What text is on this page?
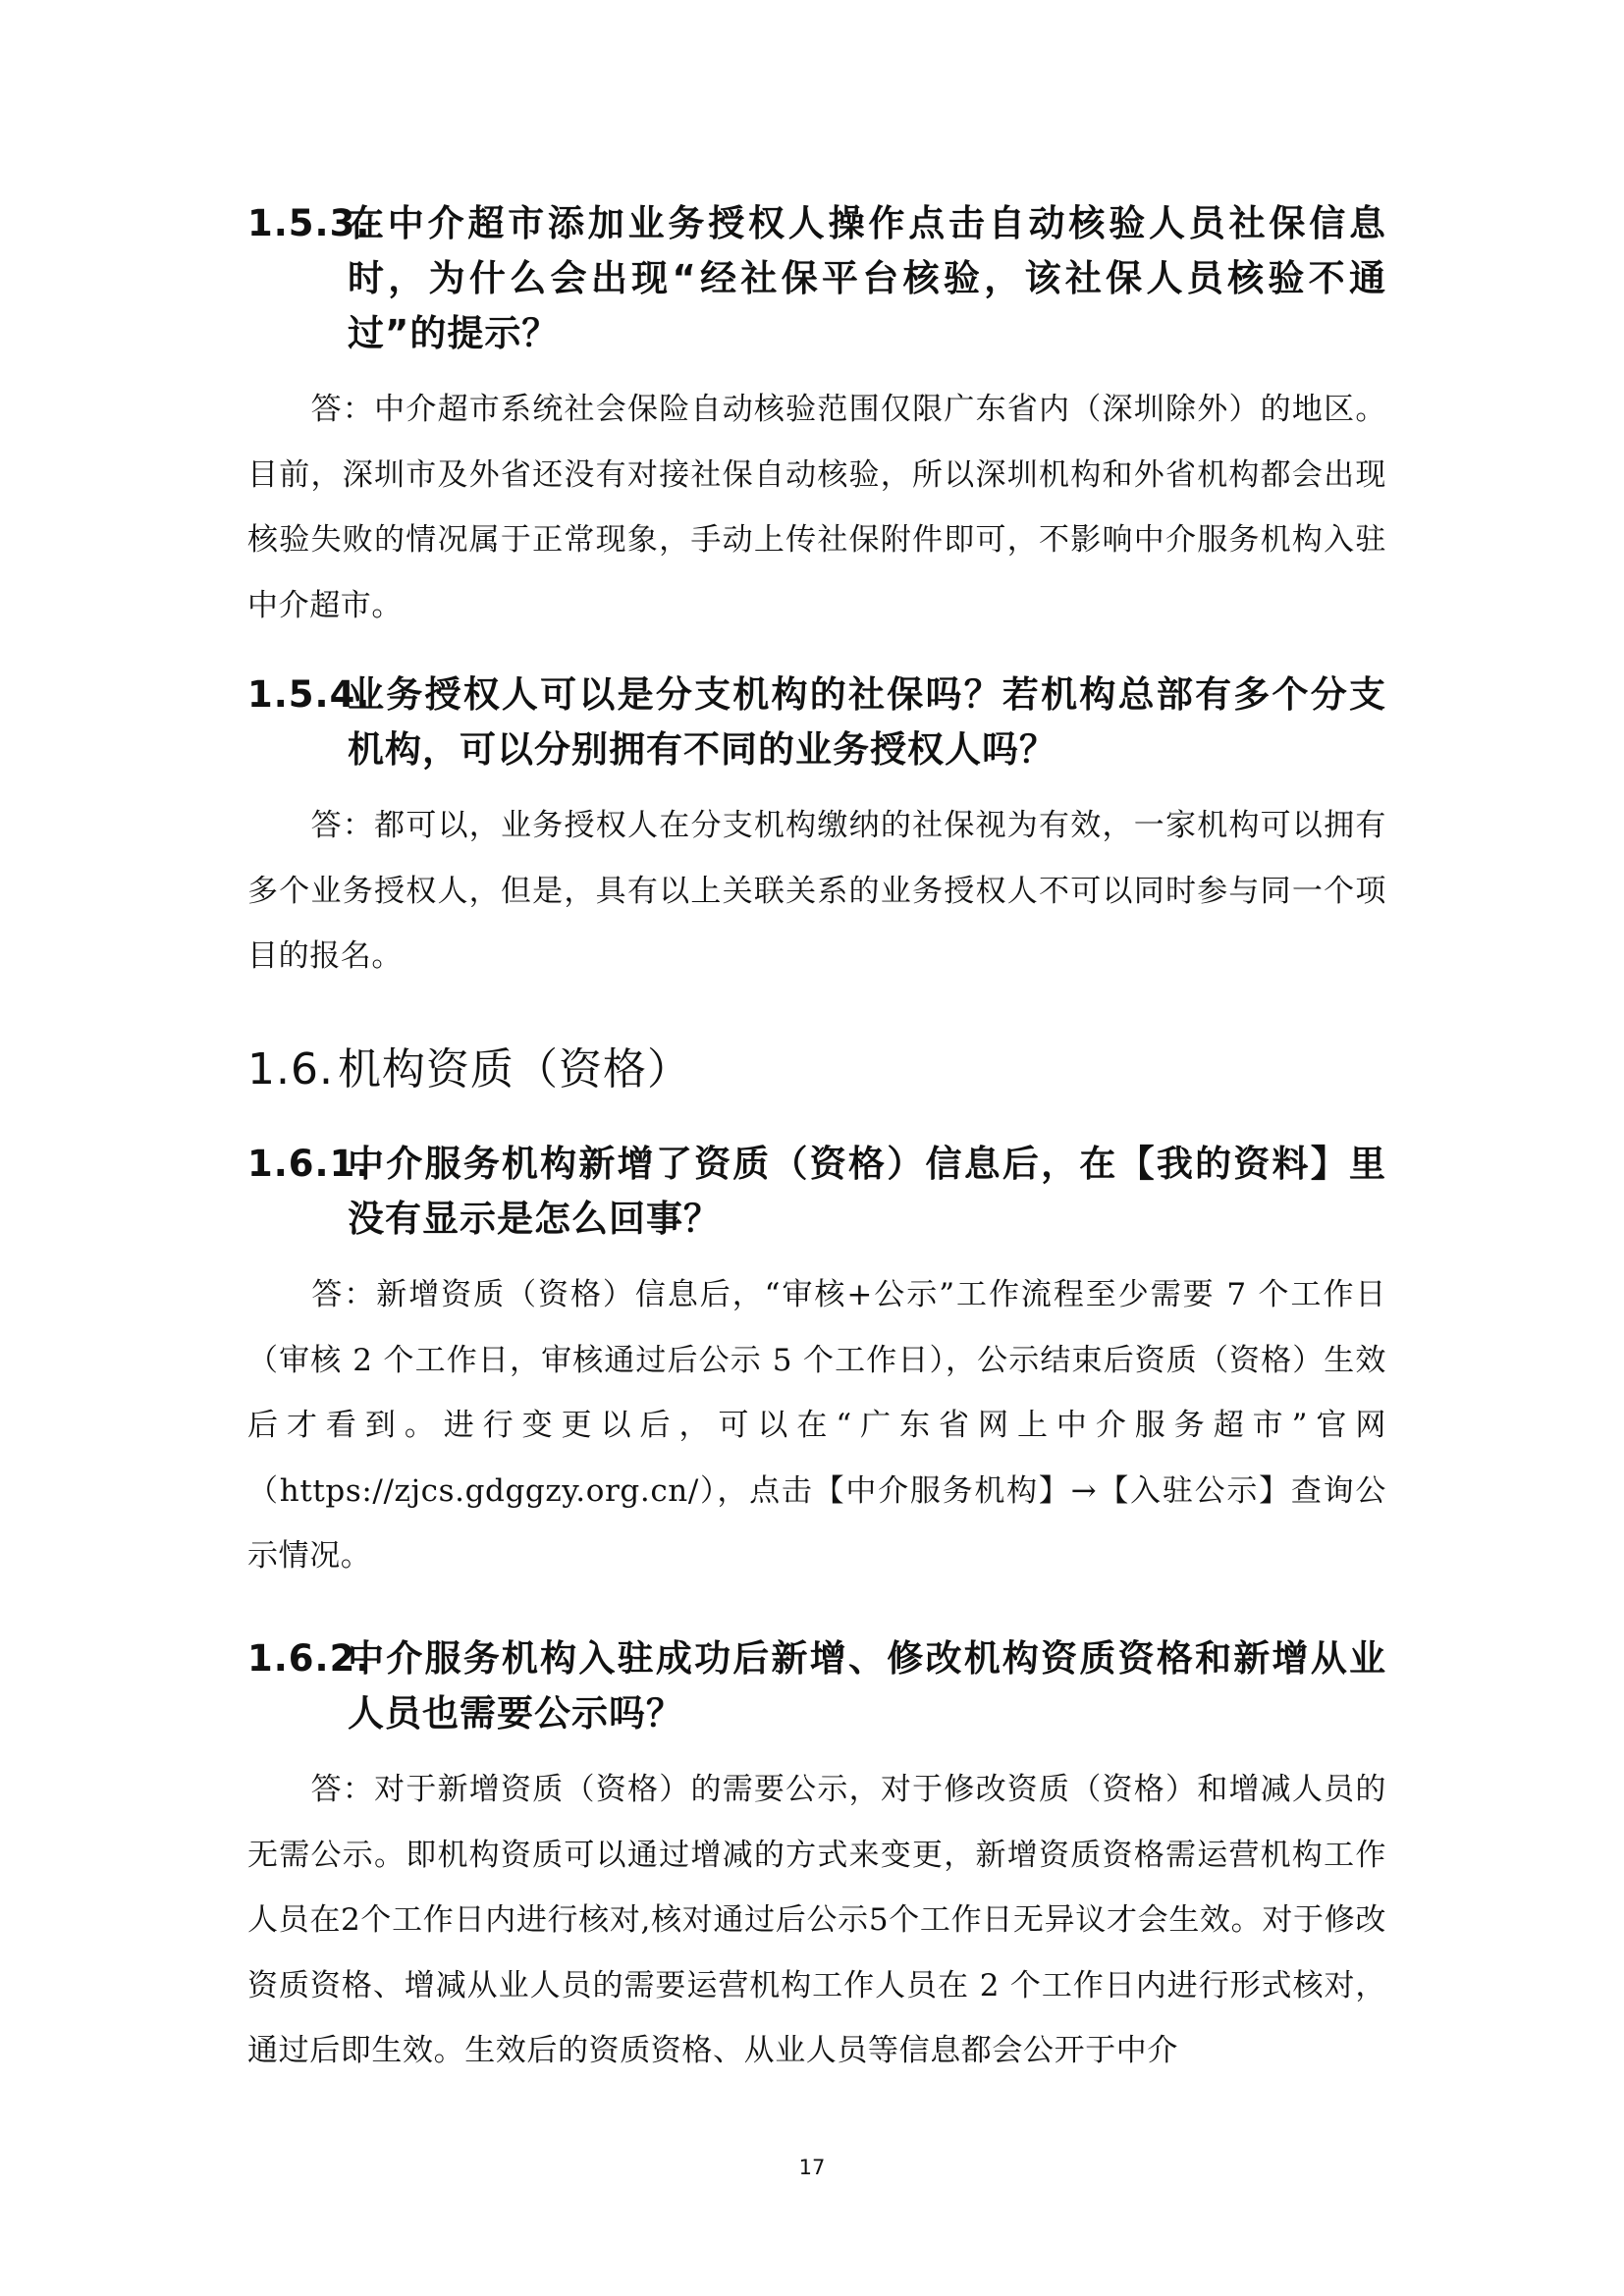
1.5.3.
在中介超市添加业务授权人操作点击自动核验人员社保信息时，为什么会出现“经社保平台核验，该社保人员核验不通过”的提示？
答：中介超市系统社会保险自动核验范围仅限广东省内（深圳除外）的地区。目前，深圳市及外省还没有对接社保自动核验，所以深圳机构和外省机构都会出现核验失败的情况属于正常现象，手动上传社保附件即可，不影响中介服务机构入驻中介超市。
1.5.4.
业务授权人可以是分支机构的社保吗？若机构总部有多个分支机构，可以分别拥有不同的业务授权人吗？
答：都可以，业务授权人在分支机构缴纳的社保视为有效，一家机构可以拥有多个业务授权人，但是，具有以上关联关系的业务授权人不可以同时参与同一个项目的报名。
1.6.机构资质（资格）
1.6.1.
中介服务机构新增了资质（资格）信息后，在【我的资料】里没有显示是怎么回事？
答：新增资质（资格）信息后，“审核+公示”工作流程至少需要 7 个工作日（审核 2 个工作日，审核通过后公示 5 个工作日），公示结束后资质（资格）生效后才看到。进行变更以后，可以在“广东省网上中介服务超市”官网（https://zjcs.gdggzy.org.cn/），点击【中介服务机构】→【入驻公示】查询公示情况。
1.6.2.
中介服务机构入驻成功后新增、修改机构资质资格和新增从业人员也需要公示吗？
答：对于新增资质（资格）的需要公示，对于修改资质（资格）和增减人员的无需公示。即机构资质可以通过增减的方式来变更，新增资质资格需运营机构工作人员在2个工作日内进行核对,核对通过后公示5个工作日无异议才会生效。对于修改资质资格、增减从业人员的需要运营机构工作人员在 2 个工作日内进行形式核对，通过后即生效。生效后的资质资格、从业人员等信息都会公开于中介
17
